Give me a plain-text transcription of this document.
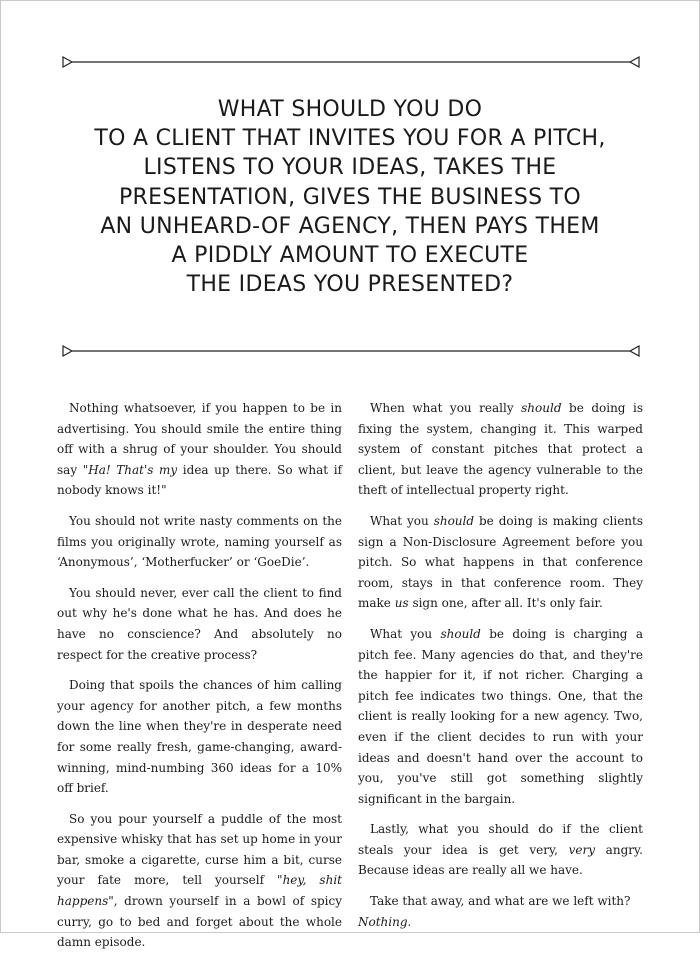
WHAT SHOULD YOU DO
TO A CLIENT THAT INVITES YOU FOR A PITCH,
LISTENS TO YOUR IDEAS, TAKES THE
PRESENTATION, GIVES THE BUSINESS TO
AN UNHEARD-OF AGENCY, THEN PAYS THEM
A PIDDLY AMOUNT TO EXECUTE
THE IDEAS YOU PRESENTED?

Nothing whatsoever, if you happen to be in advertising. You should smile the entire thing off with a shrug of your shoulder. You should say "Ha! That's my idea up there. So what if nobody knows it!"

You should not write nasty comments on the films you originally wrote, naming yourself as ‘Anonymous’, ‘Motherfucker’ or ‘GoeDie’.

You should never, ever call the client to find out why he's done what he has. And does he have no conscience? And absolutely no respect for the creative process?

Doing that spoils the chances of him calling your agency for another pitch, a few months down the line when they're in desperate need for some really fresh, game-changing, award-winning, mind-numbing 360 ideas for a 10% off brief.

So you pour yourself a puddle of the most expensive whisky that has set up home in your bar, smoke a cigarette, curse him a bit, curse your fate more, tell yourself "hey, shit happens", drown yourself in a bowl of spicy curry, go to bed and forget about the whole damn episode.

When what you really should be doing is fixing the system, changing it. This warped system of constant pitches that protect a client, but leave the agency vulnerable to the theft of intellectual property right.

What you should be doing is making clients sign a Non-Disclosure Agreement before you pitch. So what happens in that conference room, stays in that conference room. They make us sign one, after all. It's only fair.

What you should be doing is charging a pitch fee. Many agencies do that, and they're the happier for it, if not richer. Charging a pitch fee indicates two things. One, that the client is really looking for a new agency. Two, even if the client decides to run with your ideas and doesn't hand over the account to you, you've still got something slightly significant in the bargain.

Lastly, what you should do if the client steals your idea is get very, very angry. Because ideas are really all we have.

Take that away, and what are we left with?
Nothing.
